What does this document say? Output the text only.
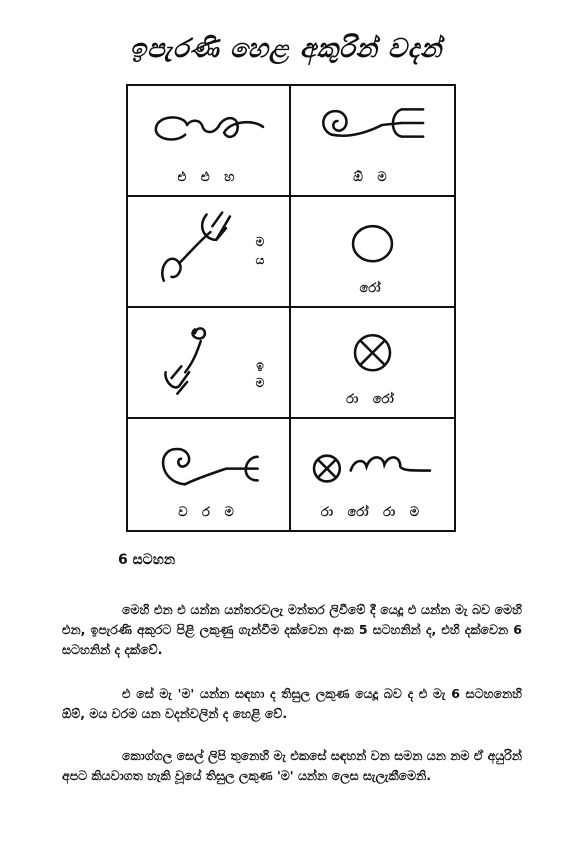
ඉපැරණි හෙළ අකුරින් වදන්
එ එ හ	ඕ ම
ම
ය
රෝ
ඉ
ම
රා රෝ
ව ර ම	රා රෝ රා ම
6 සටහන
මෙහි එන එ යන්න යන්තරවලැ මන්තර ලිවීමේ දී යෙදූ එ යන්න මැ බව මෙහි එන, ඉපැරණි අකුරට පිළි ලකුණු ගැන්වීම දක්වෙන අංක 5 සටහනින් ද, එහි දක්වෙන 6 සටහනින් ද දක්වේ.
එ සේ මැ 'ම' යන්න සඳහා ද තිසුල ලකුණ යෙදූ බව ද එ මැ 6 සටහනෙහි ඕම්, මය වරම යන වදන්වලින් ද හෙළි වේ.
කොග්ගල සෙල් ලිපි තුනෙහි මැ එකසේ සඳහන් වන සමන යන නම ඒ අයුරින් අපට කියවාගත හැකි වූයේ තිසුල ලකුණ 'ම' යන්න ලෙස සැලැකීමෙනි.
